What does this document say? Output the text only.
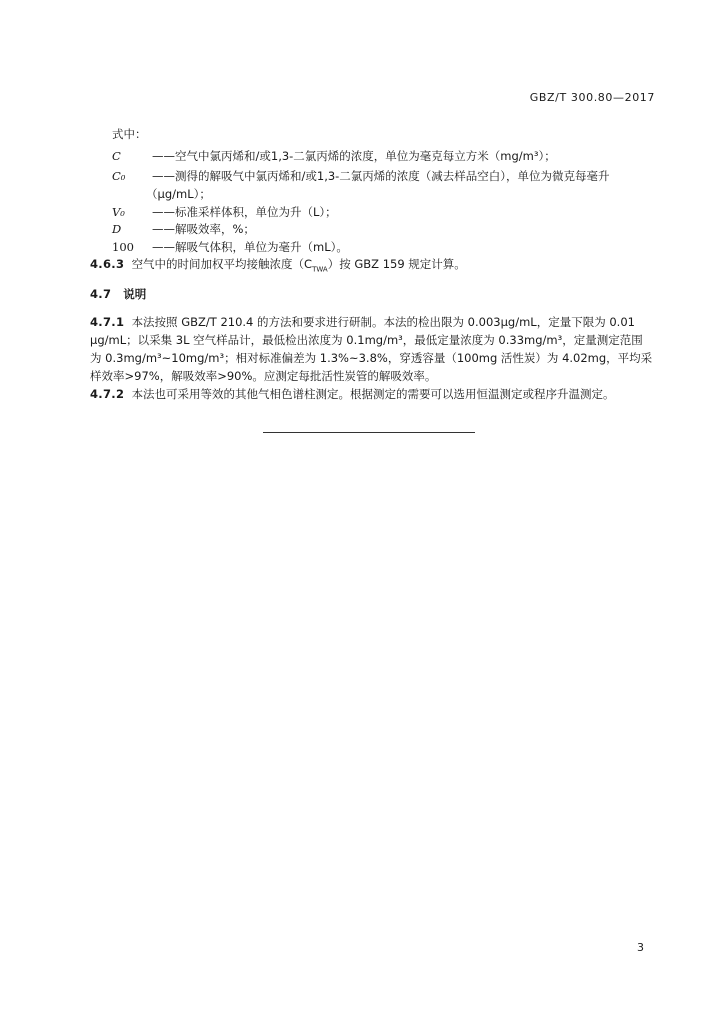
GBZ/T 300.80—2017
式中：
C	——空气中氯丙烯和/或1,3-二氯丙烯的浓度，单位为毫克每立方米（mg/m³）；
C₀ ——测得的解吸气中氯丙烯和/或1,3-二氯丙烯的浓度（减去样品空白），单位为微克每毫升
（μg/mL）；
V₀ ——标准采样体积，单位为升（L）；
D	——解吸效率，%；
100 ——解吸气体积，单位为毫升（mL）。
4.6.3 空气中的时间加权平均接触浓度$(C_{TWA})$按 GBZ 159 规定计算。
4.7 说明
4.7.1 本法按照 GBZ/T 210.4 的方法和要求进行研制。本法的检出限为 0.003μg/mL，定量下限为 0.01
μg/mL；以采集 3L 空气样品计，最低检出浓度为 0.1mg/m³，最低定量浓度为 0.33mg/m³，定量测定范围
为 0.3mg/m³~10mg/m³；相对标准偏差为 1.3%~3.8%，穿透容量（100mg 活性炭）为 4.02mg，平均采
样效率>97%，解吸效率>90%。应测定每批活性炭管的解吸效率。
4.7.2 本法也可采用等效的其他气相色谱柱测定。根据测定的需要可以选用恒温测定或程序升温测定。
3
